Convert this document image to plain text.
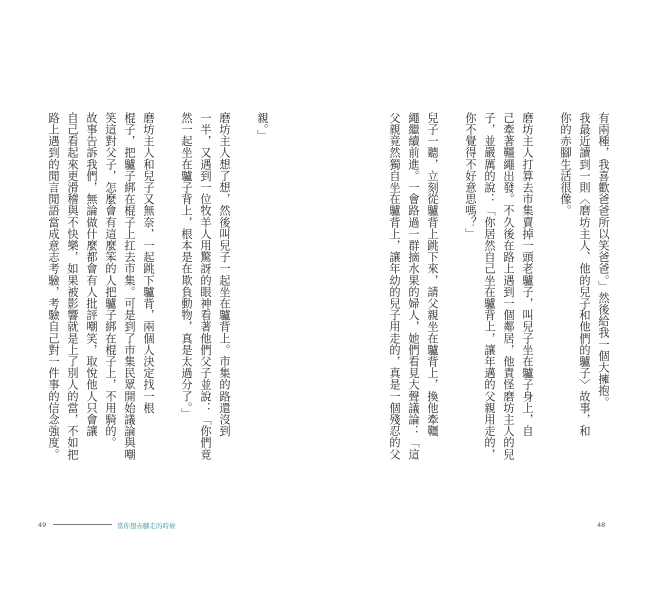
有兩種，我喜歡爸爸所以笑爸爸。」然後給我一個大擁抱。
我最近讀到一則〈磨坊主人、他的兒子和他們的驢子〉故事，和
你的赤腳生活很像。
磨坊主人打算去市集賣掉一頭老驢子，叫兒子坐在驢子身上，自
己牽著韁繩出發。不久後在路上遇到一個鄰居，他責怪磨坊主人的兒
子，並嚴厲的說：「你居然自己坐在驢背上，讓年邁的父親用走的，
你不覺得不好意思嗎？」
兒子一聽，立刻從驢背上跳下來，請父親坐在驢背上，換他牽韁
繩繼續前進。一會路過一群摘水果的婦人，她們看見大聲議論：「這
父親竟然獨自坐在驢背上，讓年幼的兒子用走的，真是一個殘忍的父
親。」
磨坊主人想了想，然後叫兒子一起坐在驢背上。市集的路還沒到
一半，又遇到一位牧羊人用驚訝的眼神看著他們父子並說：「你們竟
然一起坐在驢子背上，根本是在欺負動物，真是太過分了。」
磨坊主人和兒子又無奈，一起跳下驢背，兩個人決定找一根
棍子，把驢子綁在棍子上扛去市集。可是到了市集民眾開始議論與嘲
笑這對父子，怎麼會有這麼笨的人把驢子綁在棍子上，不用騎的。
故事告訴我們，無論做什麼都會有人批評嘲笑，取悅他人只會讓
自己看起來更滑稽與不快樂，如果被影響就是上了別人的當，不如把
路上遇到的閒言閒語當成意志考驗，考驗自己對一件事的信念強度。
49	當你想赤腳走的時候	48
